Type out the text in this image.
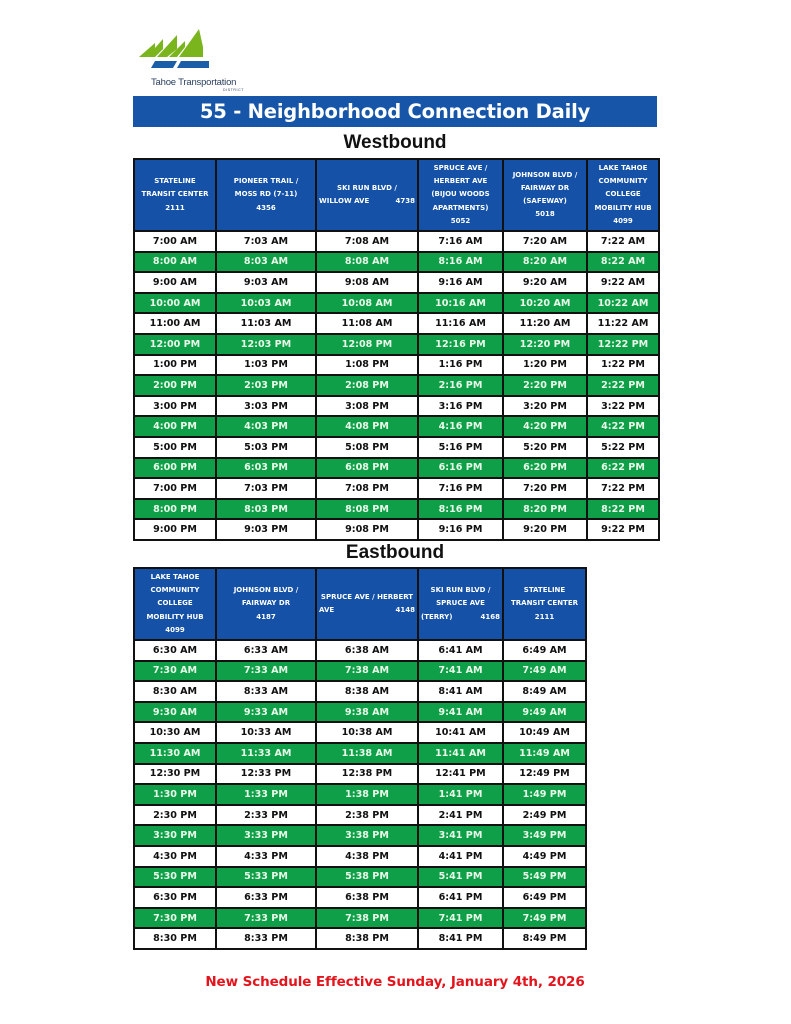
Tahoe Transportation
DISTRICT
55 - Neighborhood Connection Daily
Westbound
STATELINE
TRANSIT CENTER
2111	PIONEER TRAIL /
MOSS RD (7-11)
4356	SKI RUN BLVD /
WILLOW AVE 4738	SPRUCE AVE /
HERBERT AVE
(BIJOU WOODS
APARTMENTS)
5052	JOHNSON BLVD /
FAIRWAY DR
(SAFEWAY)
5018	LAKE TAHOE
COMMUNITY
COLLEGE
MOBILITY HUB
4099

7:00 AM	7:03 AM	7:08 AM	7:16 AM	7:20 AM	7:22 AM
8:00 AM	8:03 AM	8:08 AM	8:16 AM	8:20 AM	8:22 AM
9:00 AM	9:03 AM	9:08 AM	9:16 AM	9:20 AM	9:22 AM
10:00 AM	10:03 AM	10:08 AM	10:16 AM	10:20 AM	10:22 AM
11:00 AM	11:03 AM	11:08 AM	11:16 AM	11:20 AM	11:22 AM
12:00 PM	12:03 PM	12:08 PM	12:16 PM	12:20 PM	12:22 PM
1:00 PM	1:03 PM	1:08 PM	1:16 PM	1:20 PM	1:22 PM
2:00 PM	2:03 PM	2:08 PM	2:16 PM	2:20 PM	2:22 PM
3:00 PM	3:03 PM	3:08 PM	3:16 PM	3:20 PM	3:22 PM
4:00 PM	4:03 PM	4:08 PM	4:16 PM	4:20 PM	4:22 PM
5:00 PM	5:03 PM	5:08 PM	5:16 PM	5:20 PM	5:22 PM
6:00 PM	6:03 PM	6:08 PM	6:16 PM	6:20 PM	6:22 PM
7:00 PM	7:03 PM	7:08 PM	7:16 PM	7:20 PM	7:22 PM
8:00 PM	8:03 PM	8:08 PM	8:16 PM	8:20 PM	8:22 PM
9:00 PM	9:03 PM	9:08 PM	9:16 PM	9:20 PM	9:22 PM
Eastbound
LAKE TAHOE
COMMUNITY
COLLEGE
MOBILITY HUB
4099	JOHNSON BLVD /
FAIRWAY DR
4187	SPRUCE AVE / HERBERT
AVE 4148	SKI RUN BLVD /
SPRUCE AVE
(TERRY) 4168	STATELINE
TRANSIT CENTER
2111

6:30 AM	6:33 AM	6:38 AM	6:41 AM	6:49 AM
7:30 AM	7:33 AM	7:38 AM	7:41 AM	7:49 AM
8:30 AM	8:33 AM	8:38 AM	8:41 AM	8:49 AM
9:30 AM	9:33 AM	9:38 AM	9:41 AM	9:49 AM
10:30 AM	10:33 AM	10:38 AM	10:41 AM	10:49 AM
11:30 AM	11:33 AM	11:38 AM	11:41 AM	11:49 AM
12:30 PM	12:33 PM	12:38 PM	12:41 PM	12:49 PM
1:30 PM	1:33 PM	1:38 PM	1:41 PM	1:49 PM
2:30 PM	2:33 PM	2:38 PM	2:41 PM	2:49 PM
3:30 PM	3:33 PM	3:38 PM	3:41 PM	3:49 PM
4:30 PM	4:33 PM	4:38 PM	4:41 PM	4:49 PM
5:30 PM	5:33 PM	5:38 PM	5:41 PM	5:49 PM
6:30 PM	6:33 PM	6:38 PM	6:41 PM	6:49 PM
7:30 PM	7:33 PM	7:38 PM	7:41 PM	7:49 PM
8:30 PM	8:33 PM	8:38 PM	8:41 PM	8:49 PM
New Schedule Effective Sunday, January 4th, 2026
